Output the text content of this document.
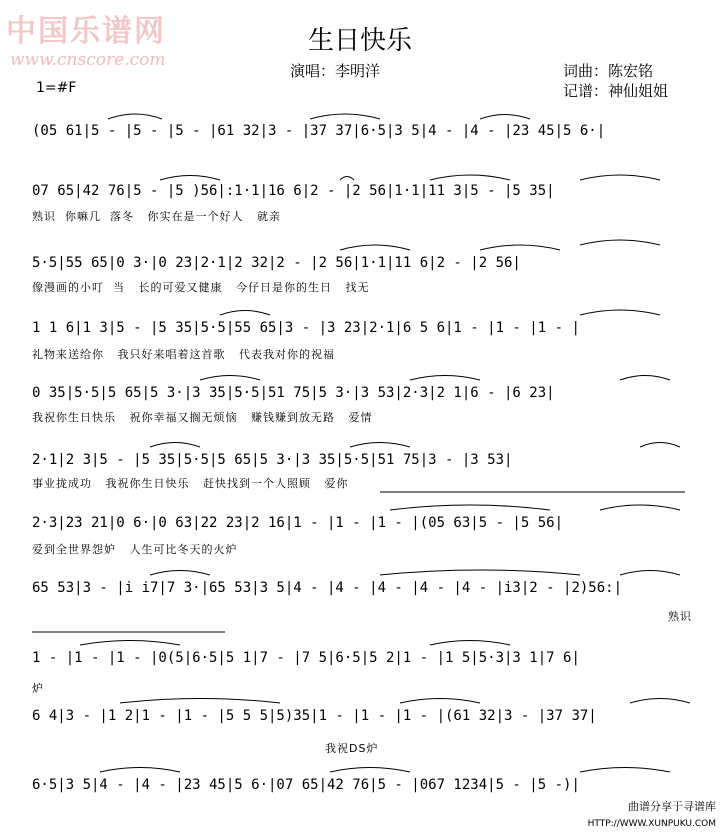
中国乐谱网
www.cnscore.com
生日快乐
演唱：李明洋	词曲：陈宏铭
记谱：神仙姐姐
1=#F
(05 61|5 - |5 - |5 - |61 32|3 - |37 37|6·5|3 5|4 - |4 - |23 45|5 6·|
07 65|42 76|5 - |5 )56|:1·1|16 6|2 - |2 56|1·1|11 3|5 - |5 35|
熟识  你嘛几  落冬   你实在是一个好人   就亲
5·5|55 65|0 3·|0 23|2·1|2 32|2 - |2 56|1·1|11 6|2 - |2 56|
像漫画的小叮  当   长的可爱又健康   今仔日是你的生日   找无
1 1 6|1 3|5 - |5 35|5·5|55 65|3 - |3 23|2·1|6 5 6|1 - |1 - |1 - |
礼物来送给你   我只好来唱着这首歌   代表我对你的祝福
0 35|5·5|5 65|5 3·|3 35|5·5|51 75|5 3·|3 53|2·3|2 1|6 - |6 23|
我祝你生日快乐   祝你幸福又搁无烦恼   赚钱赚到放无路   爱情
2·1|2 3|5 - |5 35|5·5|5 65|5 3·|3 35|5·5|51 75|3 - |3 53|
事业拢成功   我祝你生日快乐   赶快找到一个人照顾   爱你
2·3|23 21|0 6·|0 63|22 23|2 16|1 - |1 - |1 - |(05 63|5 - |5 56|
爱到全世界怨妒   人生可比冬天的火炉
65 53|3 - |i i7|7 3·|65 53|3 5|4 - |4 - |4 - |4 - |4 - |i3|2 - |2)56:|
熟识
1 - |1 - |1 - |0(5|6·5|5 1|7 - |7 5|6·5|5 2|1 - |1 5|5·3|3 1|7 6|
炉
6 4|3 - |1 2|1 - |1 - |5 5 5|5)35|1 - |1 - |1 - |(61 32|3 - |37 37|
我祝DS炉
6·5|3 5|4 - |4 - |23 45|5 6·|07 65|42 76|5 - |067 1234|5 - |5 -)|
曲谱分享于寻谱库
HTTP://WWW.XUNPUKU.COM
